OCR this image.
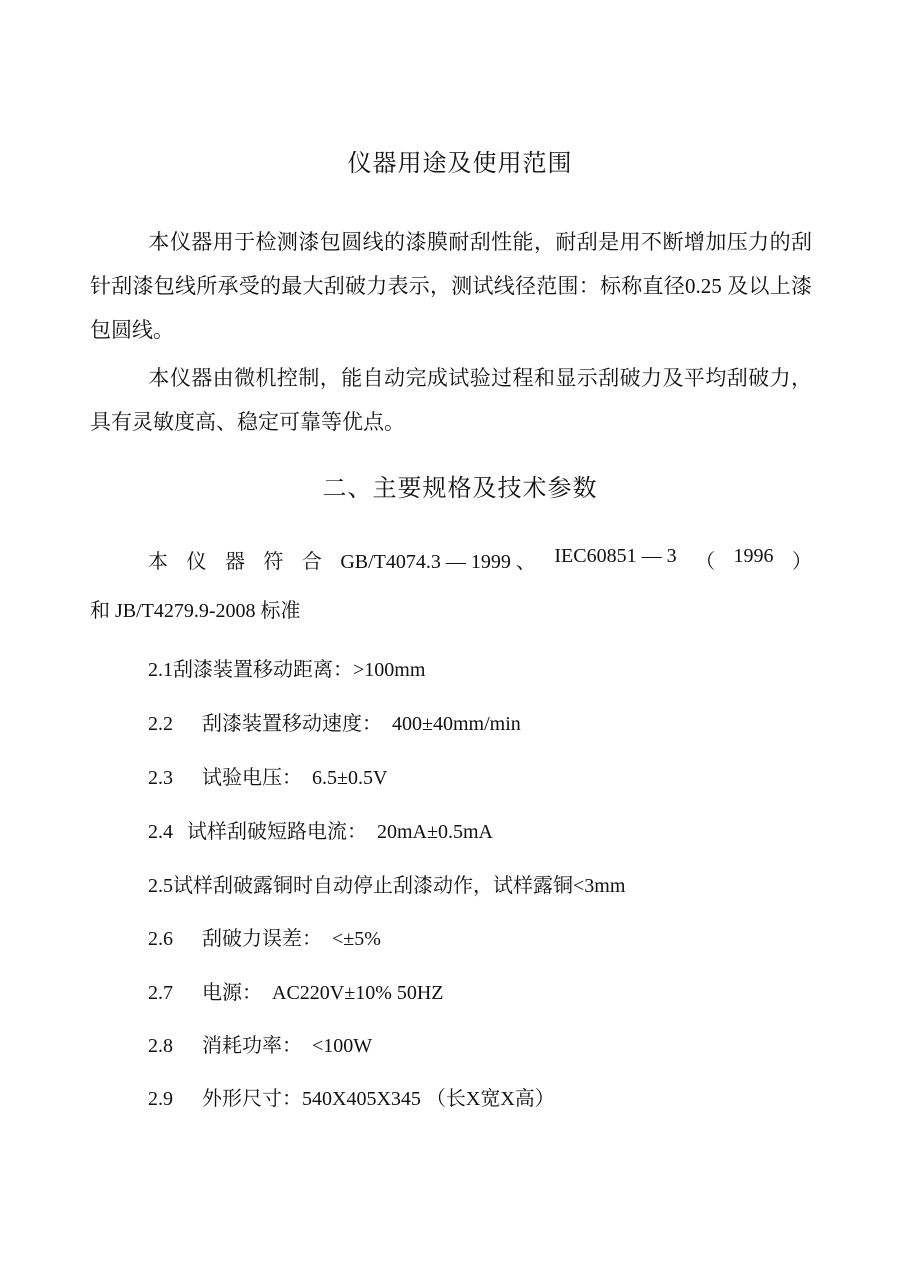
仪器用途及使用范围
本仪器用于检测漆包圆线的漆膜耐刮性能，耐刮是用不断增加压力的刮针刮漆包线所承受的最大刮破力表示，测试线径范围：标称直径0.25 及以上漆包圆线。
本仪器由微机控制，能自动完成试验过程和显示刮破力及平均刮破力，具有灵敏度高、稳定可靠等优点。
二、主要规格及技术参数
本 仪 器 符 合 GB/T4074.3 — 1999 、 IEC60851 — 3 （ 1996 ）
和 JB/T4279.9-2008 标准
2.1刮漆装置移动距离：>100mm
2.2 刮漆装置移动速度：　400±40mm/min
2.3 试验电压：　6.5±0.5V
2.4 试样刮破短路电流：　20mA±0.5mA
2.5试样刮破露铜时自动停止刮漆动作，试样露铜<3mm
2.6 刮破力误差：　<±5%
2.7 电源：　AC220V±10% 50HZ
2.8 消耗功率：　<100W
2.9 外形尺寸：540X405X345 （长X宽X高）
